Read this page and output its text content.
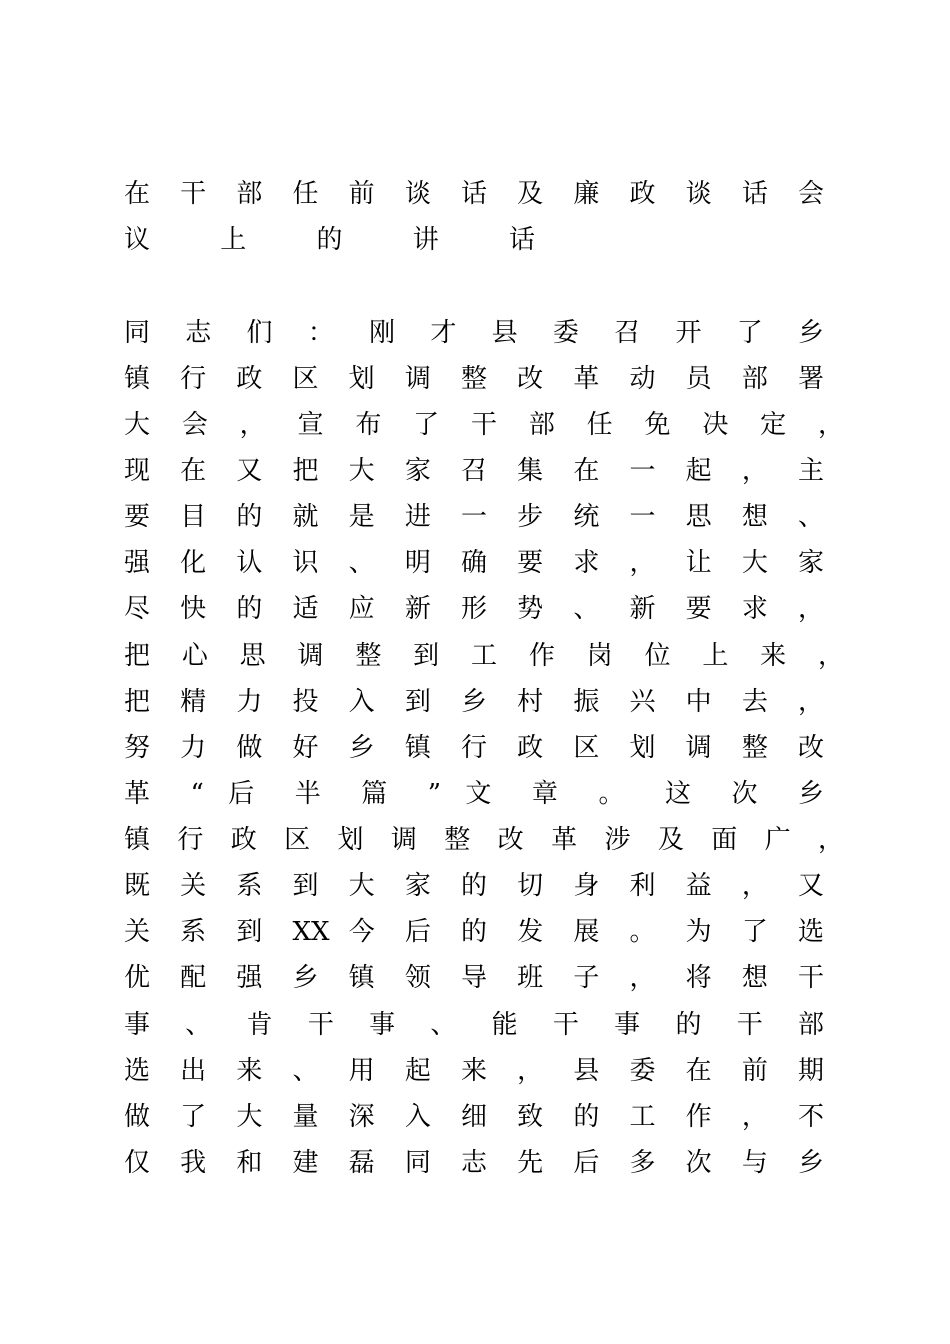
在 干 部 任 前 谈 话 及 廉 政 谈 话 会
议 上 的 讲 话
同 志 们 ： 刚 才 县 委 召 开 了 乡
镇 行 政 区 划 调 整 改 革 动 员 部 署
大 会 ， 宣 布 了 干 部 任 免 决 定 ，
现 在 又 把 大 家 召 集 在 一 起 ， 主
要 目 的 就 是 进 一 步 统 一 思 想 、
强 化 认 识 、 明 确 要 求 ， 让 大 家
尽 快 的 适 应 新 形 势 、 新 要 求 ，
把 心 思 调 整 到 工 作 岗 位 上 来 ，
把 精 力 投 入 到 乡 村 振 兴 中 去 ，
努 力 做 好 乡 镇 行 政 区 划 调 整 改
革 “ 后 半 篇 ” 文 章 。 这 次 乡
镇 行 政 区 划 调 整 改 革 涉 及 面 广 ，
既 关 系 到 大 家 的 切 身 利 益 ， 又
关 系 到 XX 今 后 的 发 展 。 为 了 选
优 配 强 乡 镇 领 导 班 子 ， 将 想 干
事 、 肯 干 事 、 能 干 事 的 干 部
选 出 来 、 用 起 来 ， 县 委 在 前 期
做 了 大 量 深 入 细 致 的 工 作 ， 不
仅 我 和 建 磊 同 志 先 后 多 次 与 乡
